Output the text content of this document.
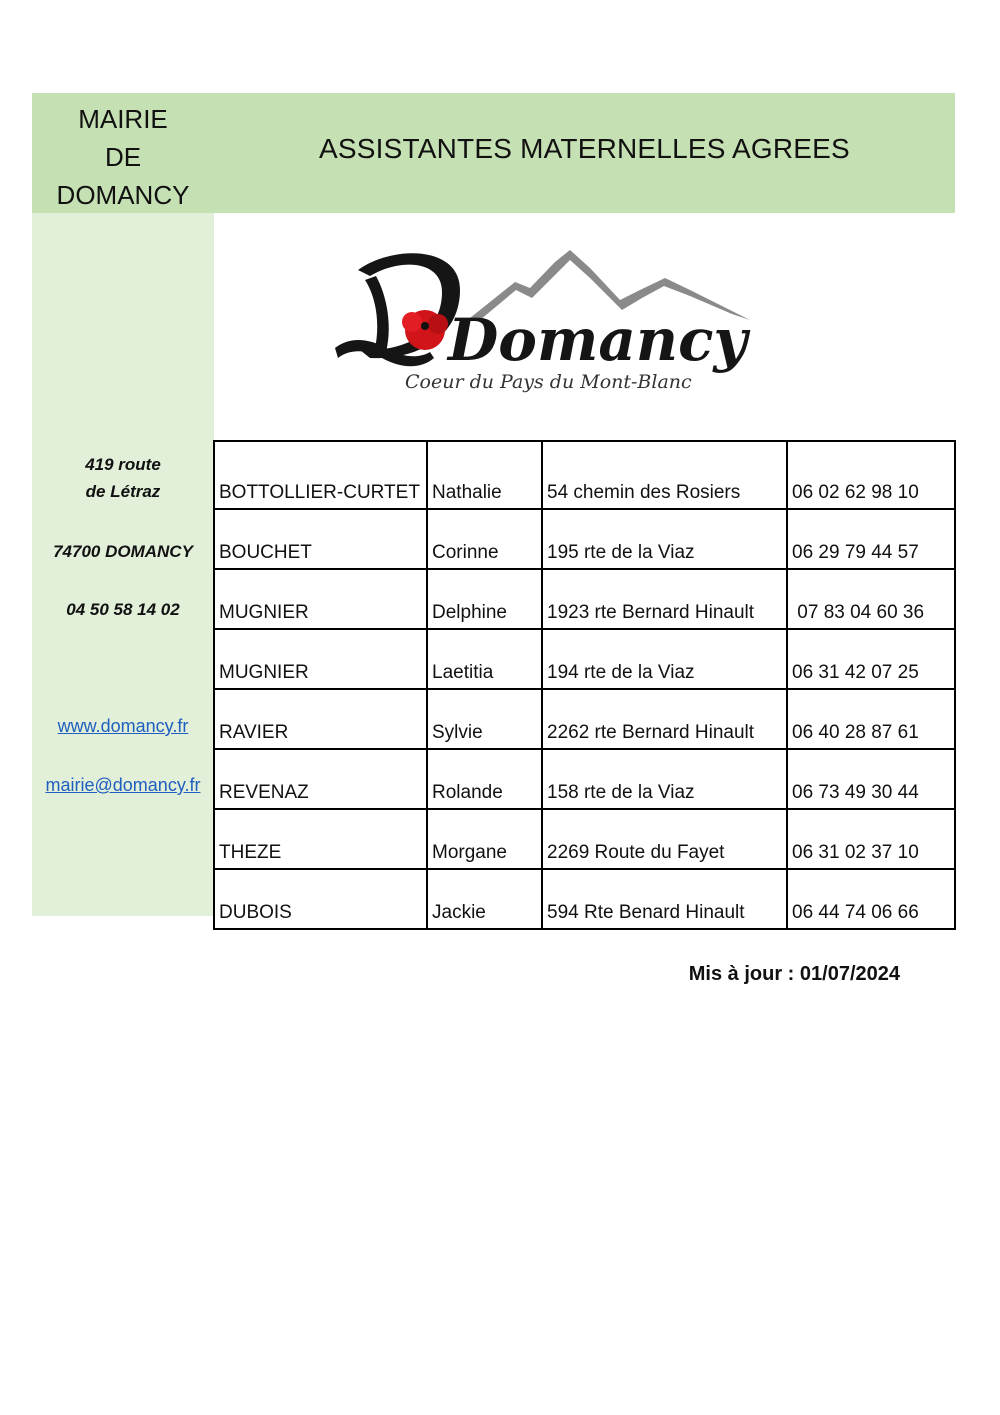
MAIRIE
DE
DOMANCY
ASSISTANTES MATERNELLES AGREES
Domancy
Coeur du Pays du Mont-Blanc
419 route
de Létraz
74700 DOMANCY
04 50 58 14 02
www.domancy.fr
mairie@domancy.fr
BOTTOLLIER-CURTET	Nathalie	54 chemin des Rosiers	06 02 62 98 10
BOUCHET	Corinne	195 rte de la Viaz	06 29 79 44 57
MUGNIER	Delphine	1923 rte Bernard Hinault	07 83 04 60 36
MUGNIER	Laetitia	194 rte de la Viaz	06 31 42 07 25
RAVIER	Sylvie	2262 rte Bernard Hinault	06 40 28 87 61
REVENAZ	Rolande	158 rte de la Viaz	06 73 49 30 44
THEZE	Morgane	2269 Route du Fayet	06 31 02 37 10
DUBOIS	Jackie	594 Rte Benard Hinault	06 44 74 06 66
Mis à jour : 01/07/2024
